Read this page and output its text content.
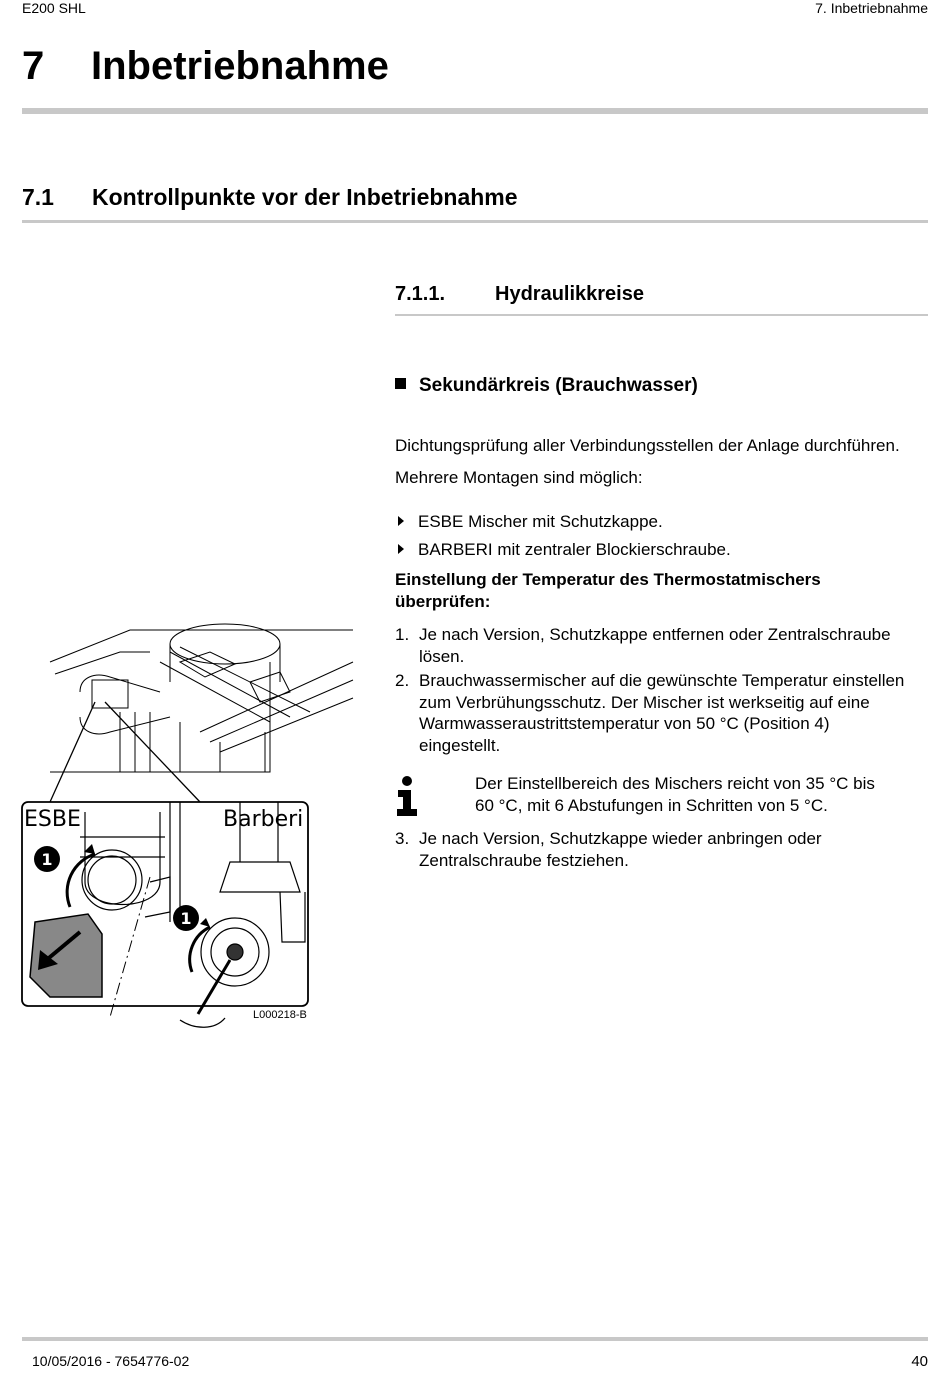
E200 SHL	7. Inbetriebnahme
7 Inbetriebnahme
7.1 Kontrollpunkte vor der Inbetriebnahme
7.1.1. Hydraulikkreise
Sekundärkreis (Brauchwasser)
Dichtungsprüfung aller Verbindungsstellen der Anlage durchführen.
Mehrere Montagen sind möglich:
ESBE Mischer mit Schutzkappe.
BARBERI mit zentraler Blockierschraube.
Einstellung der Temperatur des Thermostatmischers
überprüfen:
1. Je nach Version, Schutzkappe entfernen oder Zentralschraube
lösen.
2. Brauchwassermischer auf die gewünschte Temperatur einstellen
zum Verbrühungsschutz. Der Mischer ist werkseitig auf eine
Warmwasseraustrittstemperatur von 50 °C (Position 4)
eingestellt.
Der Einstellbereich des Mischers reicht von 35 °C bis
60 °C, mit 6 Abstufungen in Schritten von 5 °C.
3. Je nach Version, Schutzkappe wieder anbringen oder
Zentralschraube festziehen.
ESBE	Barberi
1
1
L000218-B
10/05/2016 - 7654776-02	40
